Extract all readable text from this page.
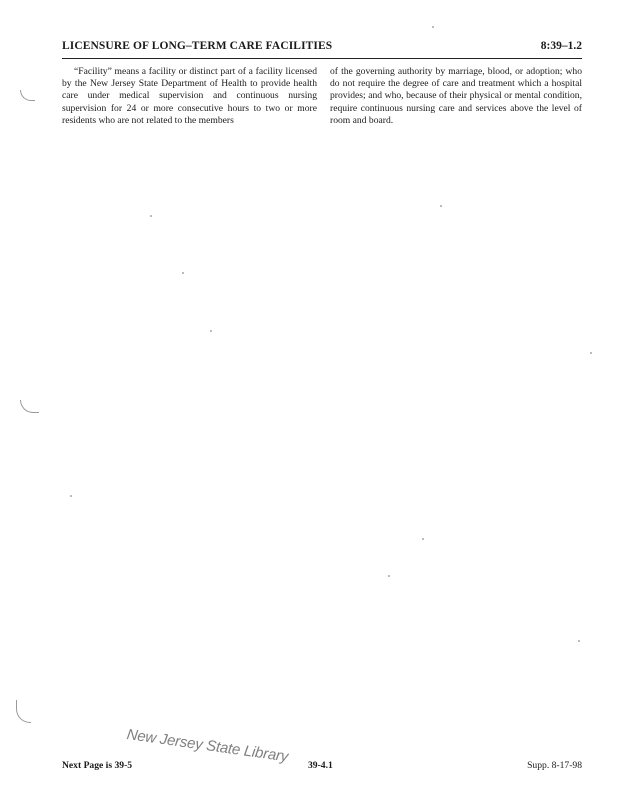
LICENSURE OF LONG–TERM CARE FACILITIES	8:39–1.2
“Facility” means a facility or distinct part of a facility licensed by the New Jersey State Department of Health to provide health care under medical supervision and continuous nursing supervision for 24 or more consecutive hours to two or more residents who are not related to the members
of the governing authority by marriage, blood, or adoption; who do not require the degree of care and treatment which a hospital provides; and who, because of their physical or mental condition, require continuous nursing care and services above the level of room and board.
New Jersey State Library
Next Page is 39-5	39-4.1	Supp. 8-17-98
